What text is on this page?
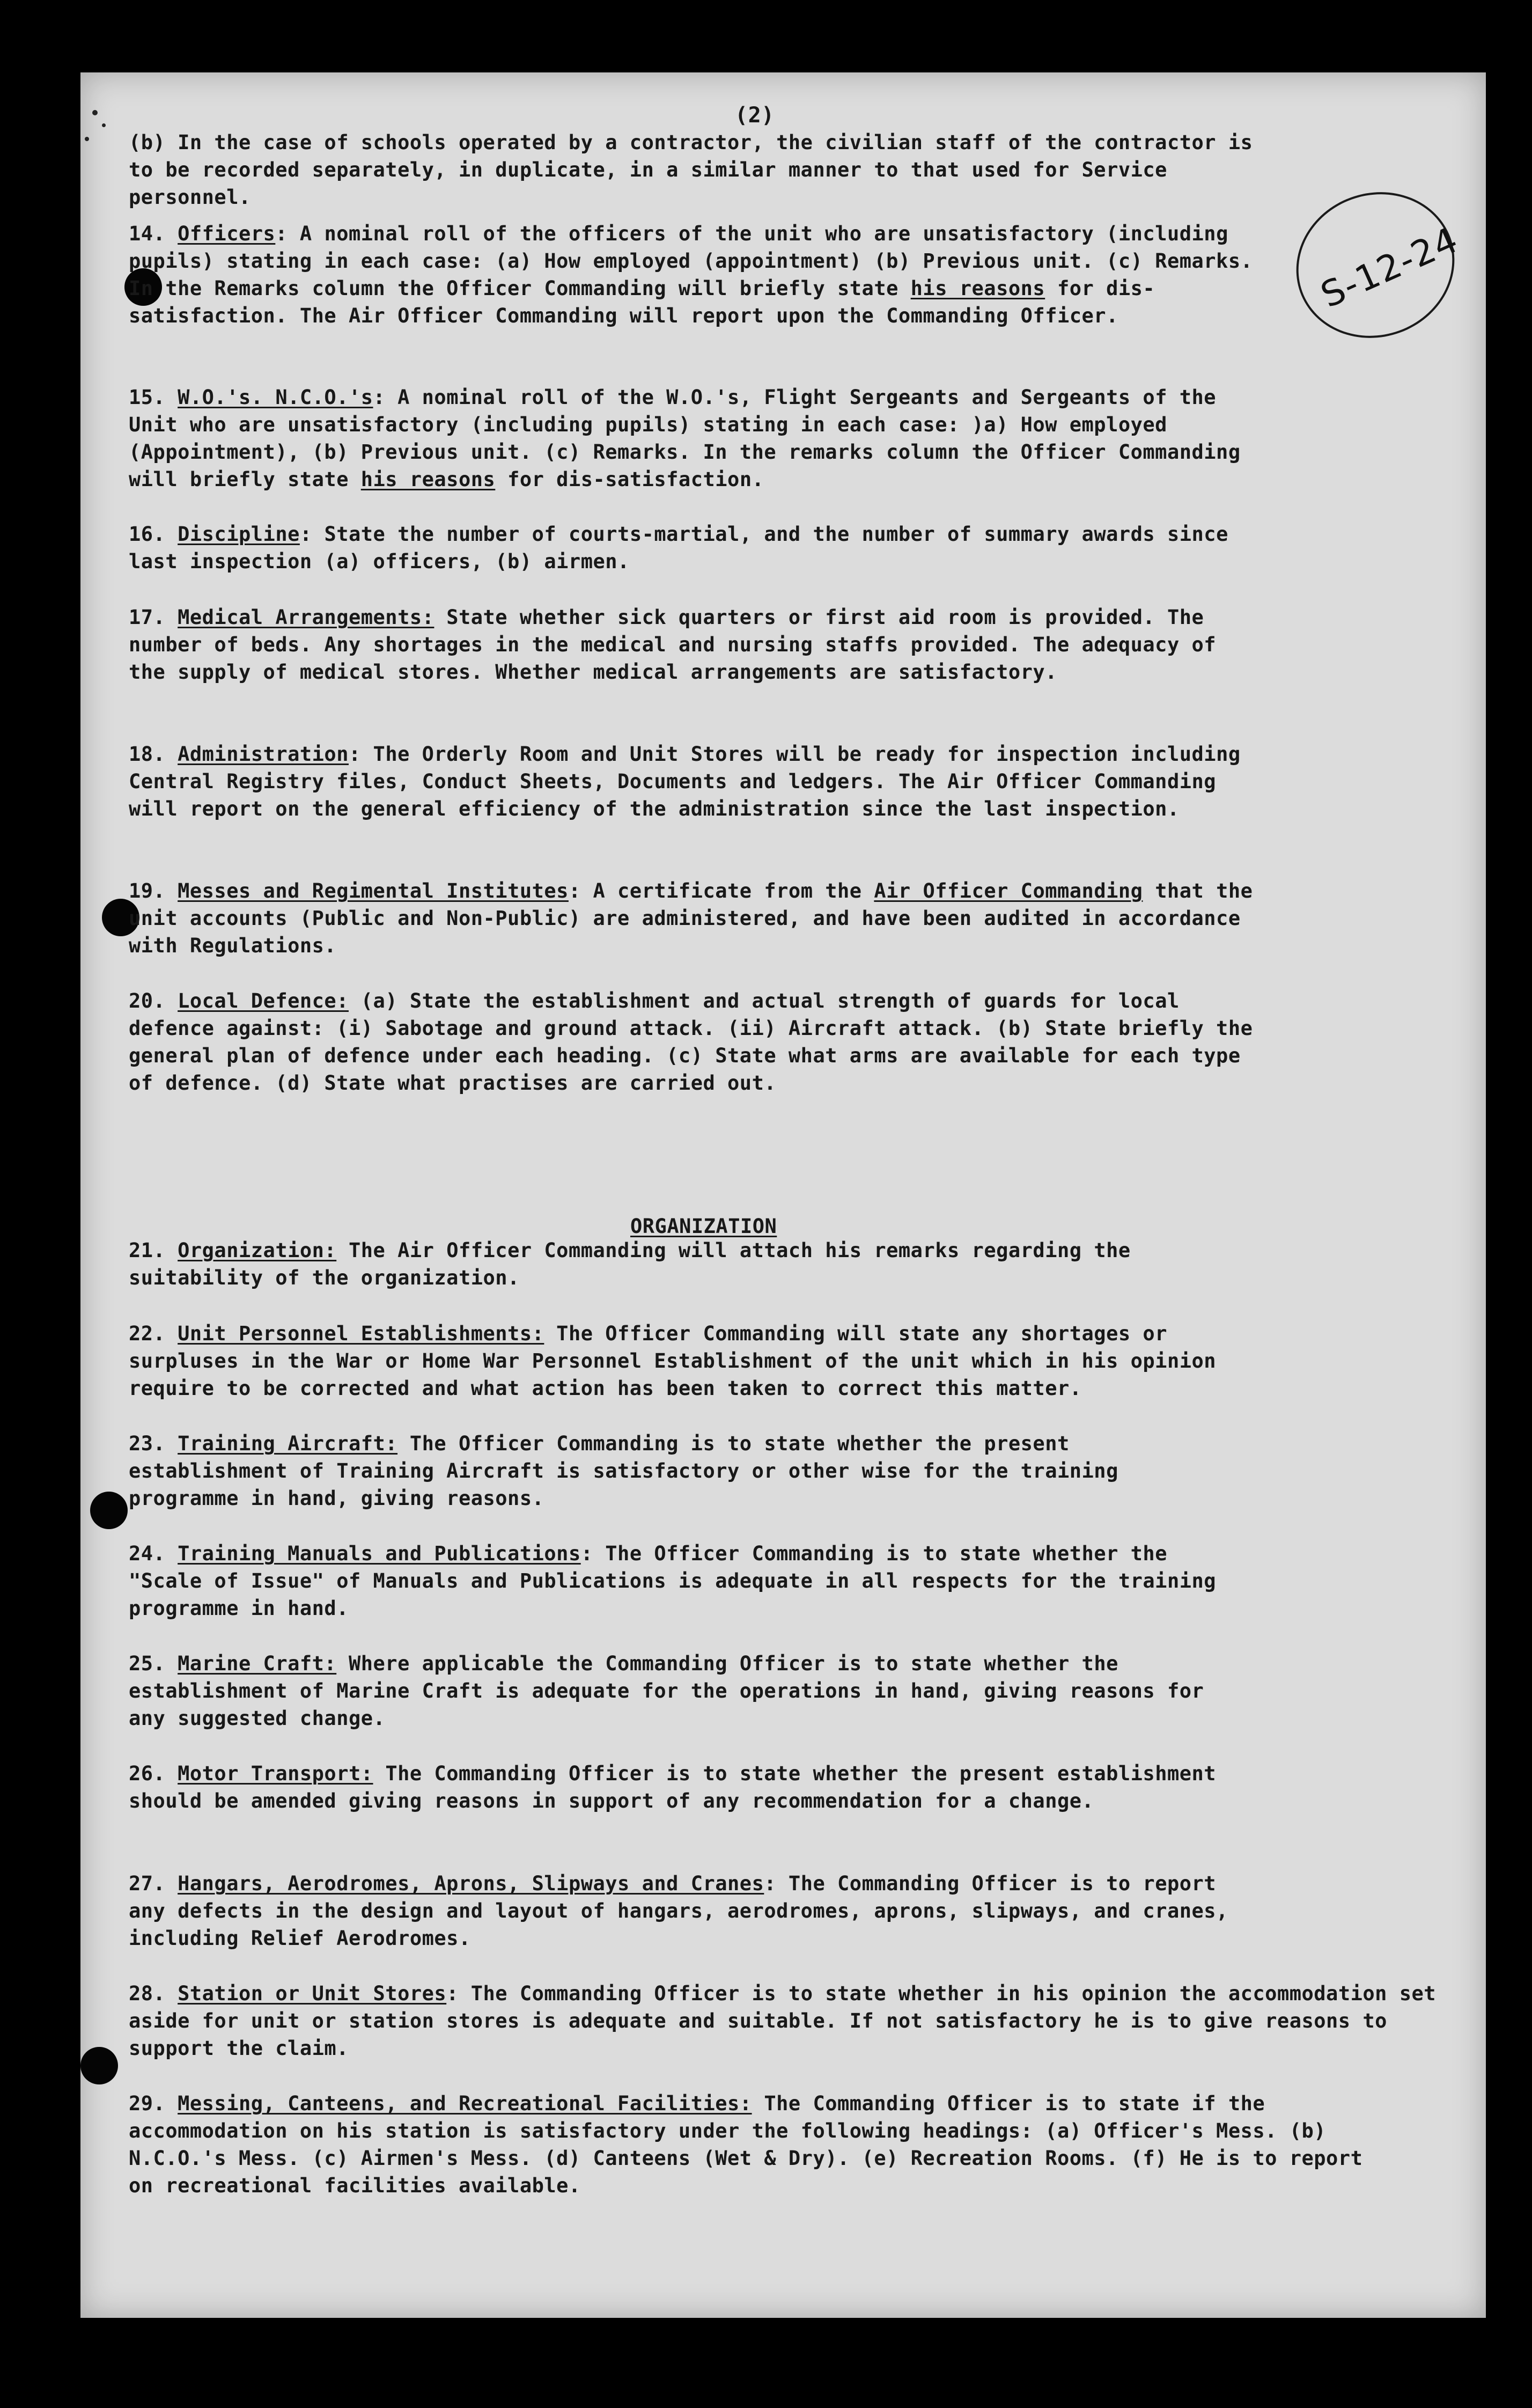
S-12-24
(2)

(b) In the case of schools operated by a contractor, the civilian staff of the contractor is to be recorded separately, in duplicate, in a similar manner to that used for Service personnel.

14. Officers: A nominal roll of the officers of the unit who are unsatisfactory (including pupils) stating in each case: (a) How employed (appointment) (b) Previous unit. (c) Remarks. In the Remarks column the Officer Commanding will briefly state his reasons for dis-satisfaction. The Air Officer Commanding will report upon the Commanding Officer.

15. W.O.'s. N.C.O.'s: A nominal roll of the W.O.'s, Flight Sergeants and Sergeants of the Unit who are unsatisfactory (including pupils) stating in each case: )a) How employed (Appointment), (b) Previous unit. (c) Remarks. In the remarks column the Officer Commanding will briefly state his reasons for dis-satisfaction.

16. Discipline: State the number of courts-martial, and the number of summary awards since last inspection (a) officers, (b) airmen.

17. Medical Arrangements: State whether sick quarters or first aid room is provided. The number of beds. Any shortages in the medical and nursing staffs provided. The adequacy of the supply of medical stores. Whether medical arrangements are satisfactory.

18. Administration: The Orderly Room and Unit Stores will be ready for inspection including Central Registry files, Conduct Sheets, Documents and ledgers. The Air Officer Commanding will report on the general efficiency of the administration since the last inspection.

19. Messes and Regimental Institutes: A certificate from the Air Officer Commanding that the unit accounts (Public and Non-Public) are administered, and have been audited in accordance with Regulations.

20. Local Defence: (a) State the establishment and actual strength of guards for local defence against: (i) Sabotage and ground attack. (ii) Aircraft attack. (b) State briefly the general plan of defence under each heading. (c) State what arms are available for each type of defence. (d) State what practises are carried out.

ORGANIZATION

21. Organization: The Air Officer Commanding will attach his remarks regarding the suitability of the organization.

22. Unit Personnel Establishments: The Officer Commanding will state any shortages or surpluses in the War or Home War Personnel Establishment of the unit which in his opinion require to be corrected and what action has been taken to correct this matter.

23. Training Aircraft: The Officer Commanding is to state whether the present establishment of Training Aircraft is satisfactory or other wise for the training programme in hand, giving reasons.

24. Training Manuals and Publications: The Officer Commanding is to state whether the "Scale of Issue" of Manuals and Publications is adequate in all respects for the training programme in hand.

25. Marine Craft: Where applicable the Commanding Officer is to state whether the establishment of Marine Craft is adequate for the operations in hand, giving reasons for any suggested change.

26. Motor Transport: The Commanding Officer is to state whether the present establishment should be amended giving reasons in support of any recommendation for a change.

27. Hangars, Aerodromes, Aprons, Slipways and Cranes: The Commanding Officer is to report any defects in the design and layout of hangars, aerodromes, aprons, slipways, and cranes, including Relief Aerodromes.

28. Station or Unit Stores: The Commanding Officer is to state whether in his opinion the accommodation set aside for unit or station stores is adequate and suitable. If not satisfactory he is to give reasons to support the claim.

29. Messing, Canteens, and Recreational Facilities: The Commanding Officer is to state if the accommodation on his station is satisfactory under the following headings: (a) Officer's Mess. (b) N.C.O.'s Mess. (c) Airmen's Mess. (d) Canteens (Wet & Dry). (e) Recreation Rooms. (f) He is to report on recreational facilities available.
